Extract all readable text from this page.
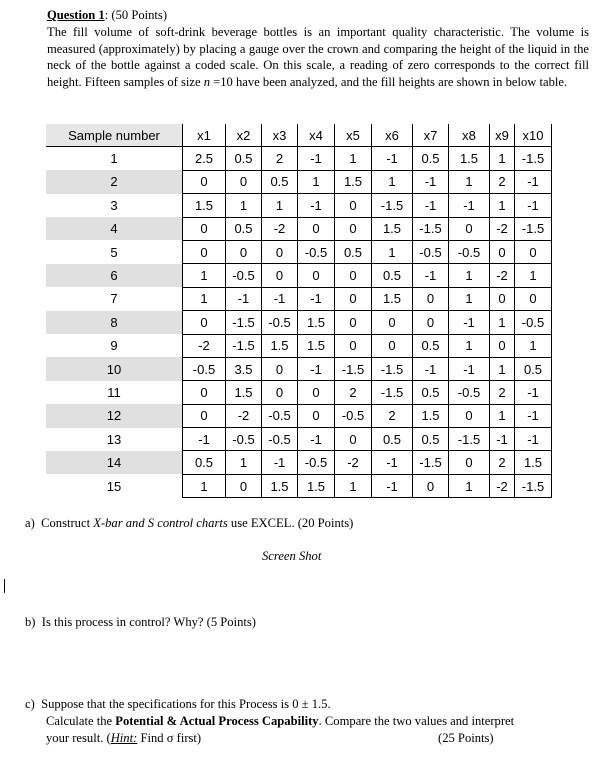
Question 1: (50 Points)
The fill volume of soft-drink beverage bottles is an important quality characteristic. The volume is measured (approximately) by placing a gauge over the crown and comparing the height of the liquid in the neck of the bottle against a coded scale. On this scale, a reading of zero corresponds to the correct fill height. Fifteen samples of size n =10 have been analyzed, and the fill heights are shown in below table.
Sample number	x1	x2	x3	x4	x5	x6	x7	x8	x9	x10
1	2.5	0.5	2	-1	1	-1	0.5	1.5	1	-1.5
2	0	0	0.5	1	1.5	1	-1	1	2	-1
3	1.5	1	1	-1	0	-1.5	-1	-1	1	-1
4	0	0.5	-2	0	0	1.5	-1.5	0	-2	-1.5
5	0	0	0	-0.5	0.5	1	-0.5	-0.5	0	0
6	1	-0.5	0	0	0	0.5	-1	1	-2	1
7	1	-1	-1	-1	0	1.5	0	1	0	0
8	0	-1.5	-0.5	1.5	0	0	0	-1	1	-0.5
9	-2	-1.5	1.5	1.5	0	0	0.5	1	0	1
10	-0.5	3.5	0	-1	-1.5	-1.5	-1	-1	1	0.5
11	0	1.5	0	0	2	-1.5	0.5	-0.5	2	-1
12	0	-2	-0.5	0	-0.5	2	1.5	0	1	-1
13	-1	-0.5	-0.5	-1	0	0.5	0.5	-1.5	-1	-1
14	0.5	1	-1	-0.5	-2	-1	-1.5	0	2	1.5
15	1	0	1.5	1.5	1	-1	0	1	-2	-1.5
a) Construct X-bar and S control charts use EXCEL. (20 Points)
Screen Shot
b) Is this process in control? Why? (5 Points)
c) Suppose that the specifications for this Process is 0 ± 1.5.
Calculate the Potential & Actual Process Capability. Compare the two values and interpret
your result. (Hint: Find σ first)	(25 Points)
